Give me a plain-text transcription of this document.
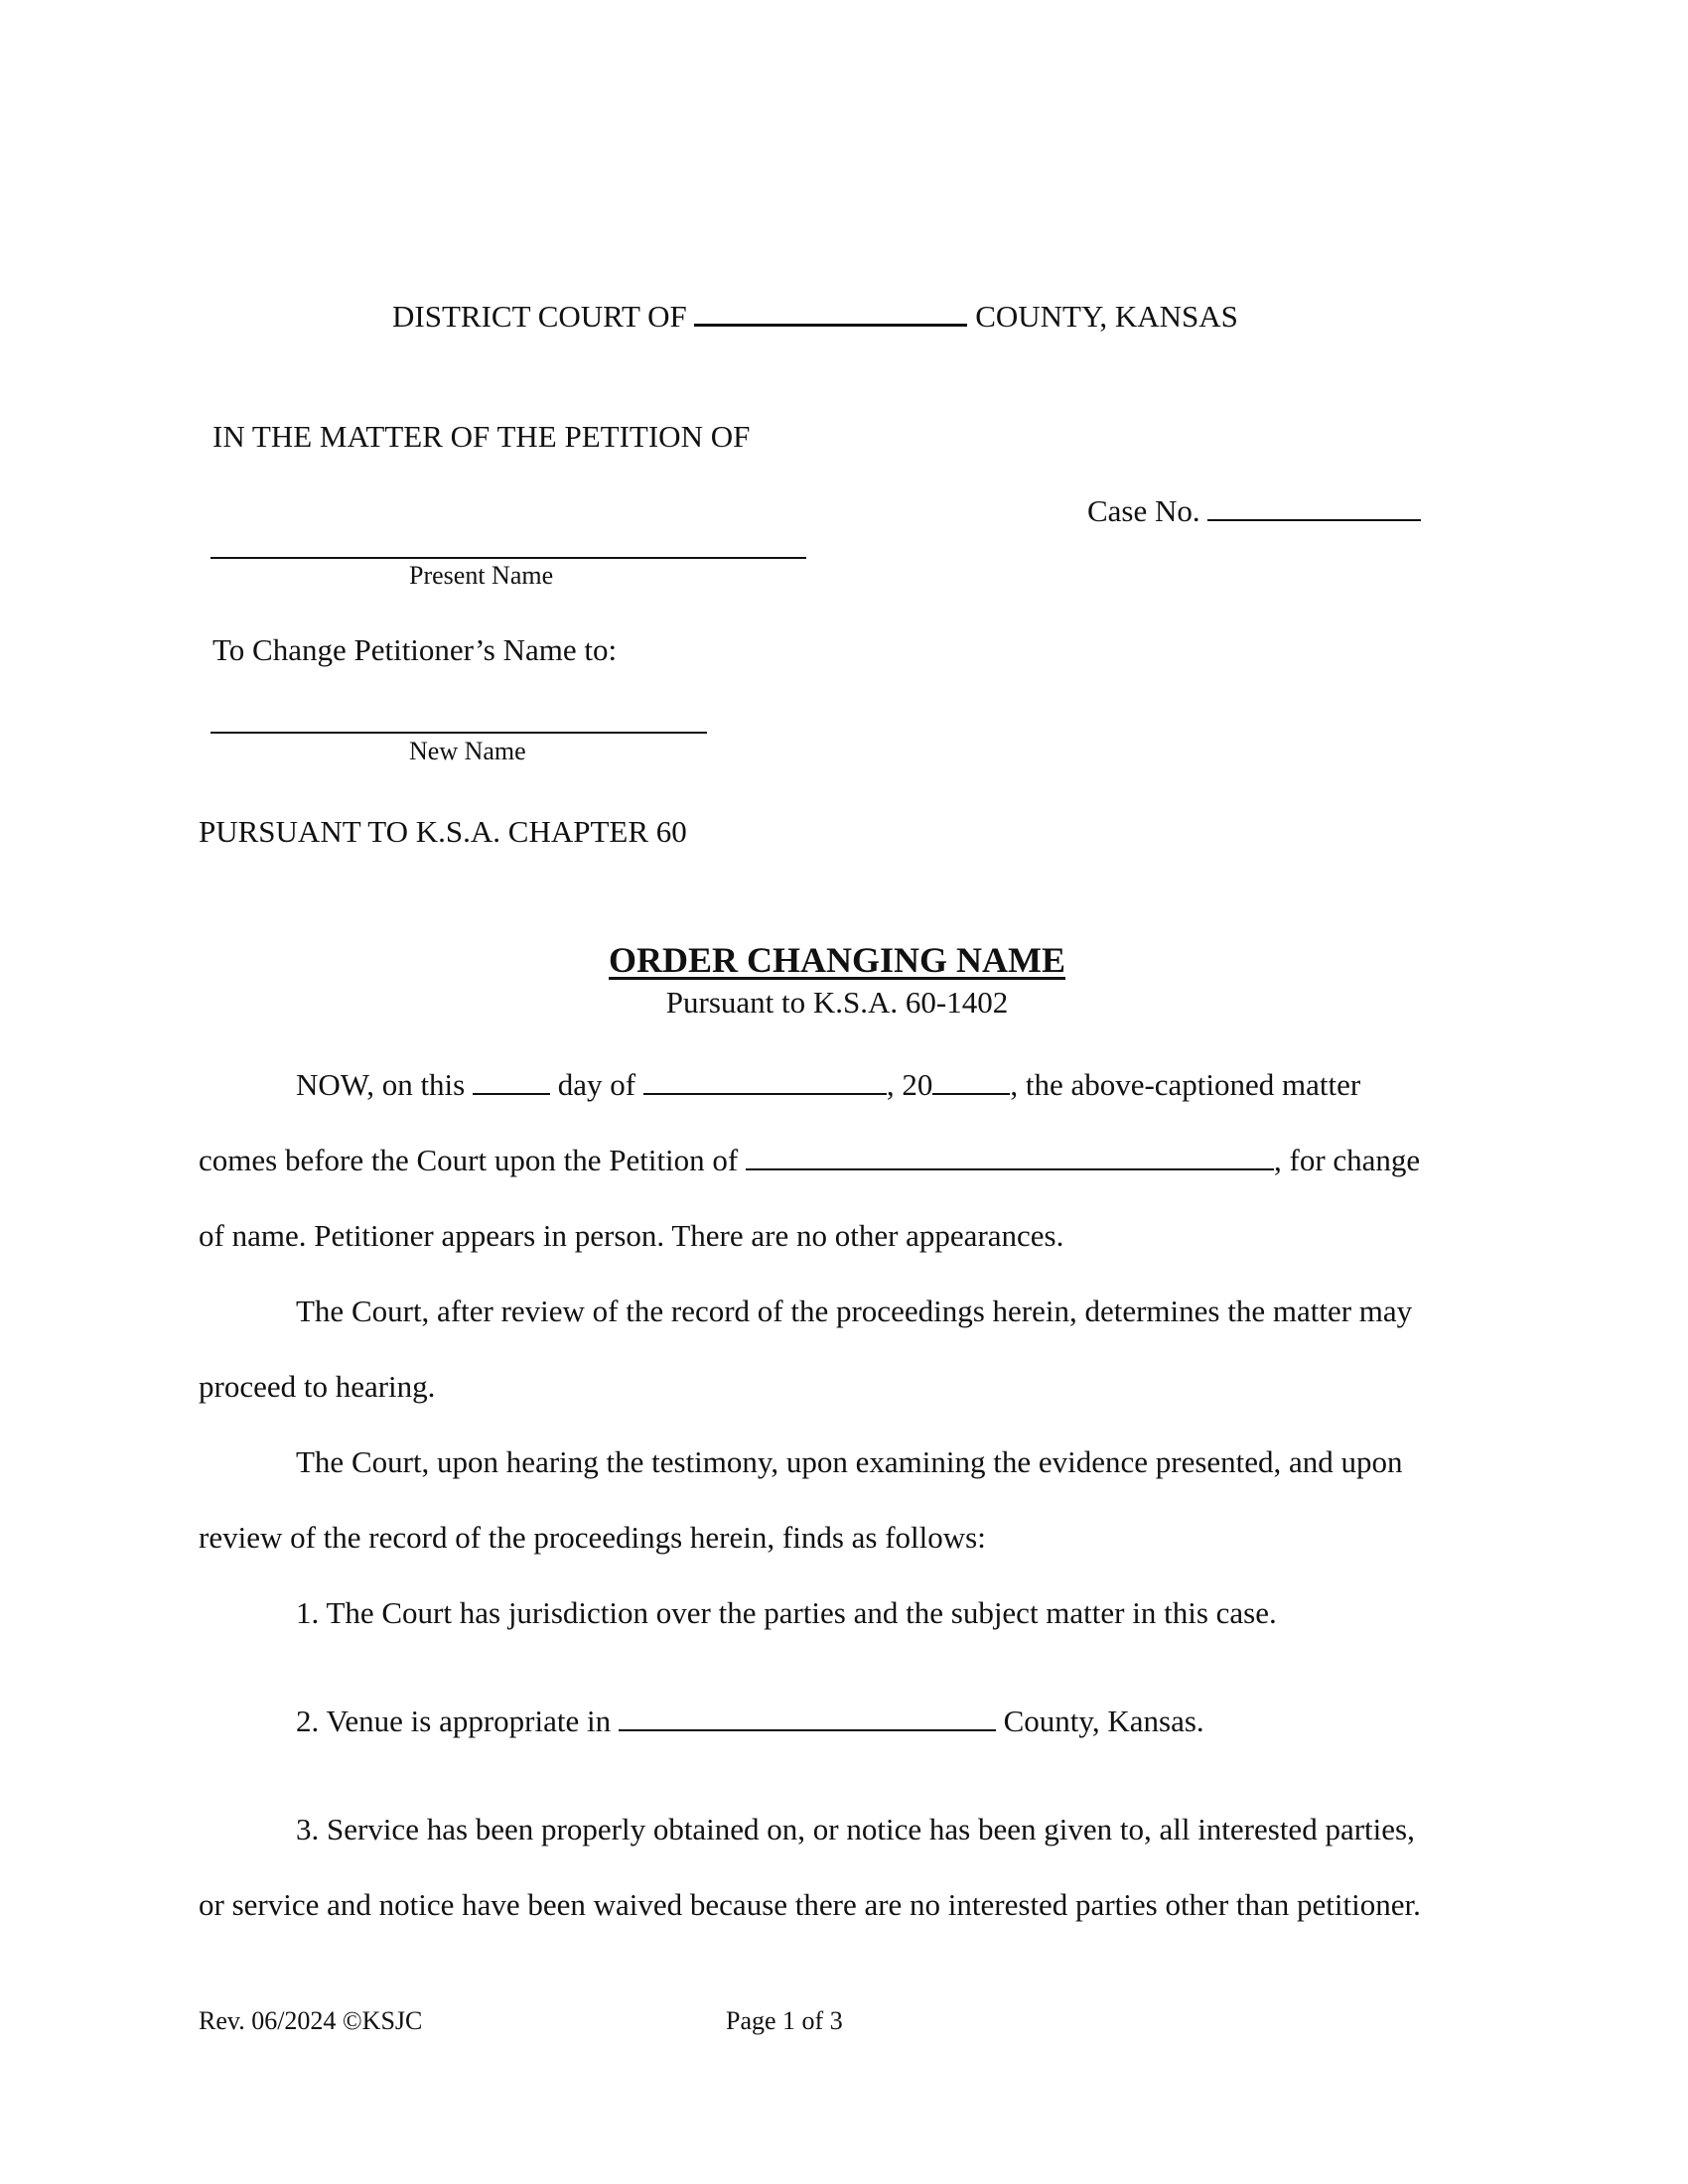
DISTRICT COURT OF	COUNTY, KANSAS
IN THE MATTER OF THE PETITION OF
Case No.
Present Name
To Change Petitioner’s Name to:
New Name
PURSUANT TO K.S.A. CHAPTER 60
ORDER CHANGING NAME
Pursuant to K.S.A. 60-1402
NOW, on this	day of	, 20	, the above-captioned matter
comes before the Court upon the Petition of	, for change
of name. Petitioner appears in person. There are no other appearances.
The Court, after review of the record of the proceedings herein, determines the matter may
proceed to hearing.
The Court, upon hearing the testimony, upon examining the evidence presented, and upon
review of the record of the proceedings herein, finds as follows:
1. The Court has jurisdiction over the parties and the subject matter in this case.
2. Venue is appropriate in	County, Kansas.
3. Service has been properly obtained on, or notice has been given to, all interested parties,
or service and notice have been waived because there are no interested parties other than petitioner.
Rev. 06/2024 ©KSJC	Page 1 of 3
